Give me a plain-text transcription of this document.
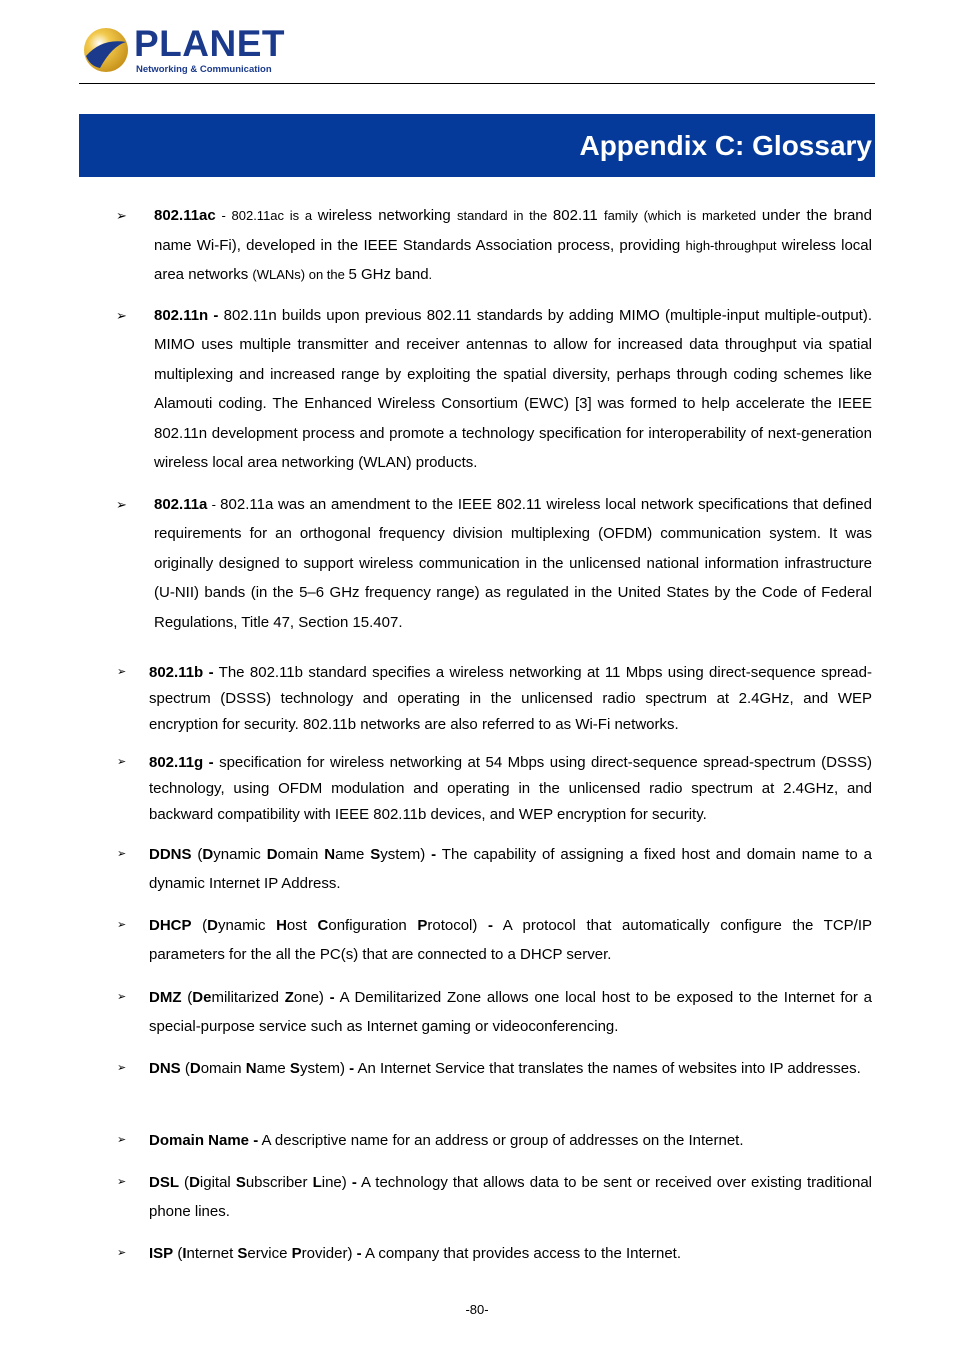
PLANET
Networking & Communication
Appendix C: Glossary
➢ 802.11ac - 802.11ac is a wireless networking standard in the 802.11 family (which is marketed under the brand name Wi-Fi), developed in the IEEE Standards Association process, providing high-throughput wireless local area networks (WLANs) on the 5 GHz band.
➢ 802.11n - 802.11n builds upon previous 802.11 standards by adding MIMO (multiple-input multiple-output). MIMO uses multiple transmitter and receiver antennas to allow for increased data throughput via spatial multiplexing and increased range by exploiting the spatial diversity, perhaps through coding schemes like Alamouti coding. The Enhanced Wireless Consortium (EWC) [3] was formed to help accelerate the IEEE 802.11n development process and promote a technology specification for interoperability of next-generation wireless local area networking (WLAN) products.
➢ 802.11a - 802.11a was an amendment to the IEEE 802.11 wireless local network specifications that defined requirements for an orthogonal frequency division multiplexing (OFDM) communication system. It was originally designed to support wireless communication in the unlicensed national information infrastructure (U-NII) bands (in the 5–6 GHz frequency range) as regulated in the United States by the Code of Federal Regulations, Title 47, Section 15.407.
➢ 802.11b - The 802.11b standard specifies a wireless networking at 11 Mbps using direct-sequence spread-spectrum (DSSS) technology and operating in the unlicensed radio spectrum at 2.4GHz, and WEP encryption for security. 802.11b networks are also referred to as Wi-Fi networks.
➢ 802.11g - specification for wireless networking at 54 Mbps using direct-sequence spread-spectrum (DSSS) technology, using OFDM modulation and operating in the unlicensed radio spectrum at 2.4GHz, and backward compatibility with IEEE 802.11b devices, and WEP encryption for security.
➢ DDNS (Dynamic Domain Name System) - The capability of assigning a fixed host and domain name to a dynamic Internet IP Address.
➢ DHCP (Dynamic Host Configuration Protocol) - A protocol that automatically configure the TCP/IP parameters for the all the PC(s) that are connected to a DHCP server.
➢ DMZ (Demilitarized Zone) - A Demilitarized Zone allows one local host to be exposed to the Internet for a special-purpose service such as Internet gaming or videoconferencing.
➢ DNS (Domain Name System) - An Internet Service that translates the names of websites into IP addresses.
➢ Domain Name - A descriptive name for an address or group of addresses on the Internet.
➢ DSL (Digital Subscriber Line) - A technology that allows data to be sent or received over existing traditional phone lines.
➢ ISP (Internet Service Provider) - A company that provides access to the Internet.
-80-
